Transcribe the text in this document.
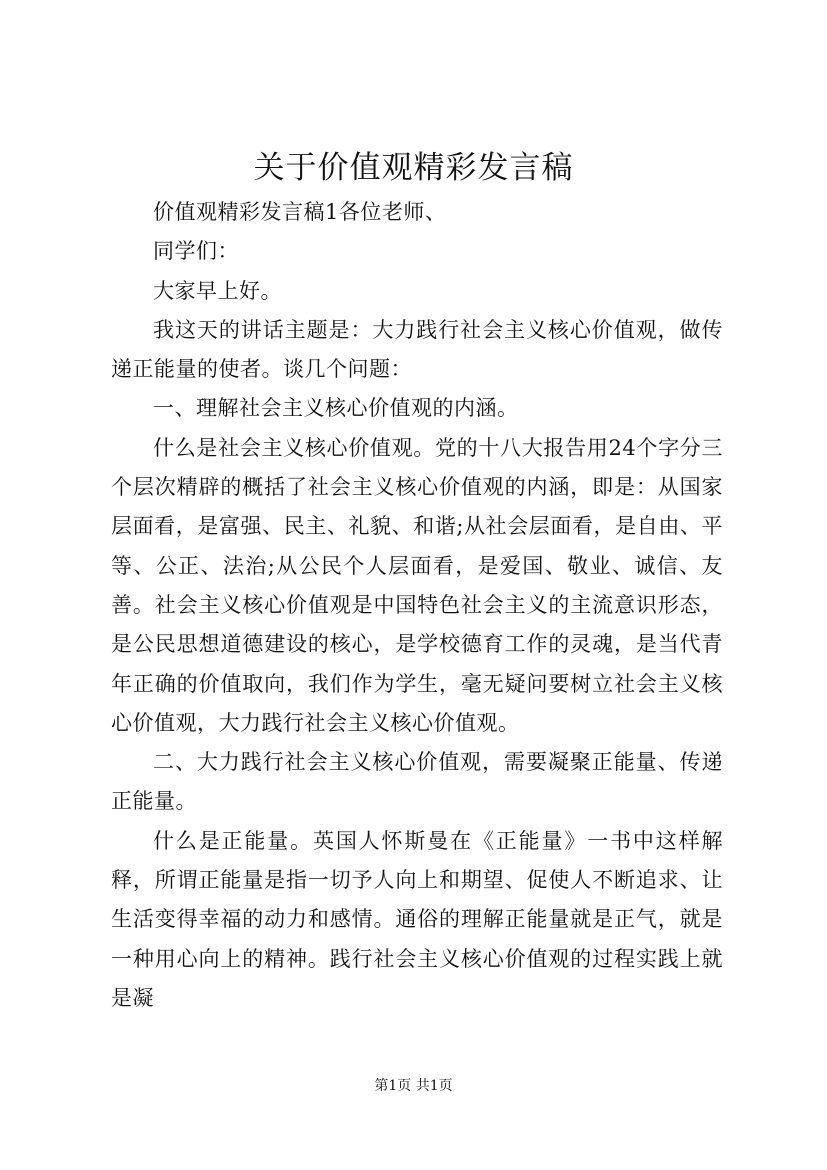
关于价值观精彩发言稿

价值观精彩发言稿1各位老师、

同学们：

大家早上好。

我这天的讲话主题是：大力践行社会主义核心价值观，做传递正能量的使者。谈几个问题：

一、理解社会主义核心价值观的内涵。

什么是社会主义核心价值观。党的十八大报告用24个字分三个层次精辟的概括了社会主义核心价值观的内涵，即是：从国家层面看，是富强、民主、礼貌、和谐;从社会层面看，是自由、平等、公正、法治;从公民个人层面看，是爱国、敬业、诚信、友善。社会主义核心价值观是中国特色社会主义的主流意识形态，是公民思想道德建设的核心，是学校德育工作的灵魂，是当代青年正确的价值取向，我们作为学生，毫无疑问要树立社会主义核心价值观，大力践行社会主义核心价值观。

二、大力践行社会主义核心价值观，需要凝聚正能量、传递正能量。

什么是正能量。英国人怀斯曼在《正能量》一书中这样解释，所谓正能量是指一切予人向上和期望、促使人不断追求、让生活变得幸福的动力和感情。通俗的理解正能量就是正气，就是一种用心向上的精神。践行社会主义核心价值观的过程实践上就是凝

第1页 共1页
